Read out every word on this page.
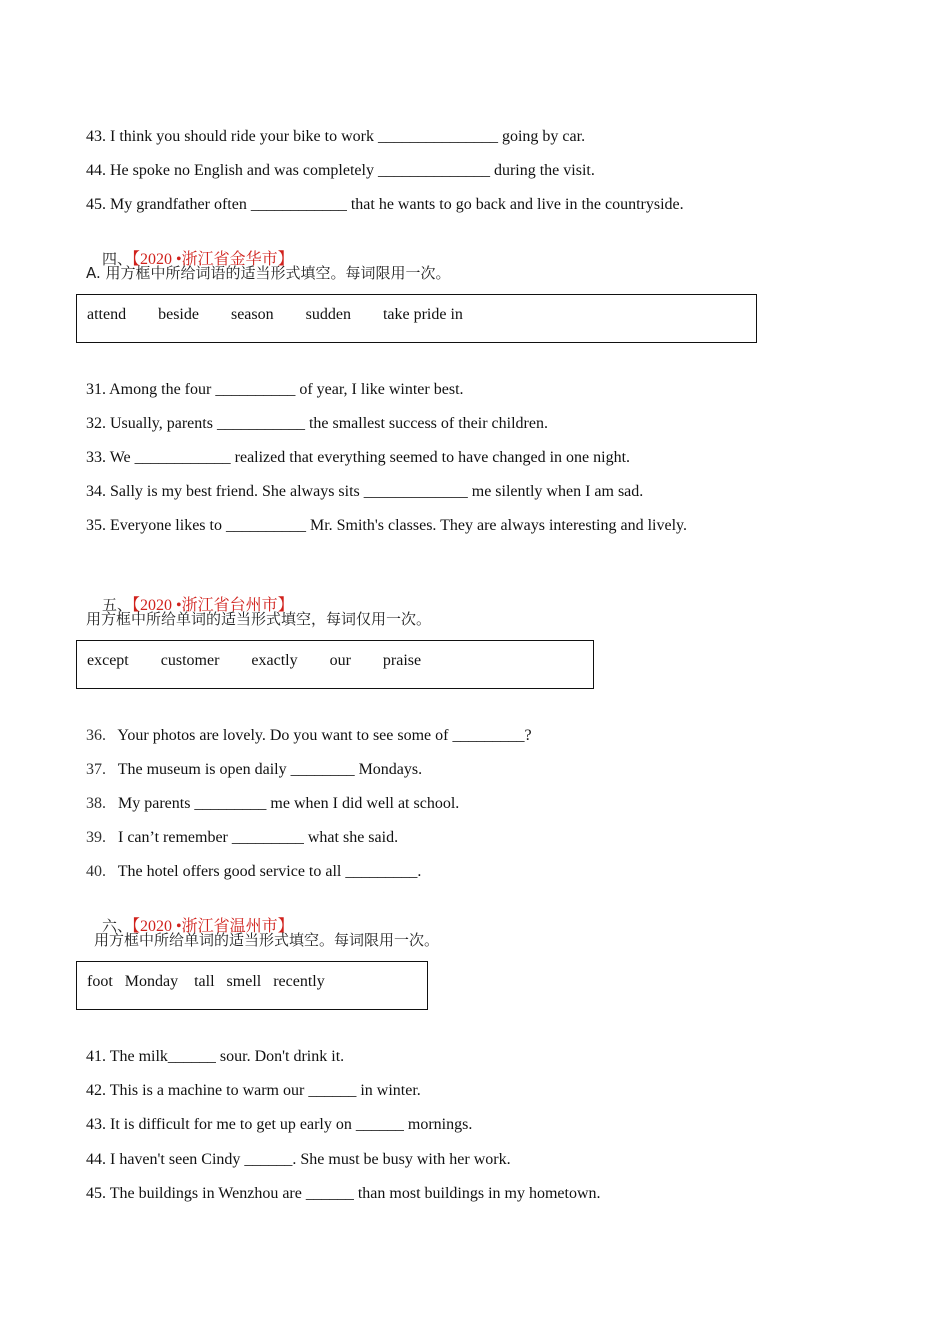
43. I think you should ride your bike to work _______________ going by car.
44. He spoke no English and was completely ______________ during the visit.
45. My grandfather often ____________ that he wants to go back and live in the countryside.

四、【2020 •浙江省金华市】

A. 用方框中所给词语的适当形式填空。每词限用一次。
attend        beside        season        sudden        take pride in
31. Among the four __________ of year, I like winter best.
32. Usually, parents ___________ the smallest success of their children.
33. We ____________ realized that everything seemed to have changed in one night.
34. Sally is my best friend. She always sits _____________ me silently when I am sad.
35. Everyone likes to __________ Mr. Smith's classes. They are always interesting and lively.

五、【2020 •浙江省台州市】

用方框中所给单词的适当形式填空，每词仅用一次。
except        customer        exactly        our        praise
36. Your photos are lovely. Do you want to see some of _________?
37. The museum is open daily ________ Mondays.
38. My parents _________ me when I did well at school.
39. I can’t remember _________ what she said.
40. The hotel offers good service to all _________.

六、【2020 •浙江省温州市】

用方框中所给单词的适当形式填空。每词限用一次。
foot   Monday    tall   smell   recently
41. The milk______ sour. Don't drink it.
42. This is a machine to warm our ______ in winter.
43. It is difficult for me to get up early on ______ mornings.
44. I haven't seen Cindy ______. She must be busy with her work.
45. The buildings in Wenzhou are ______ than most buildings in my hometown.
